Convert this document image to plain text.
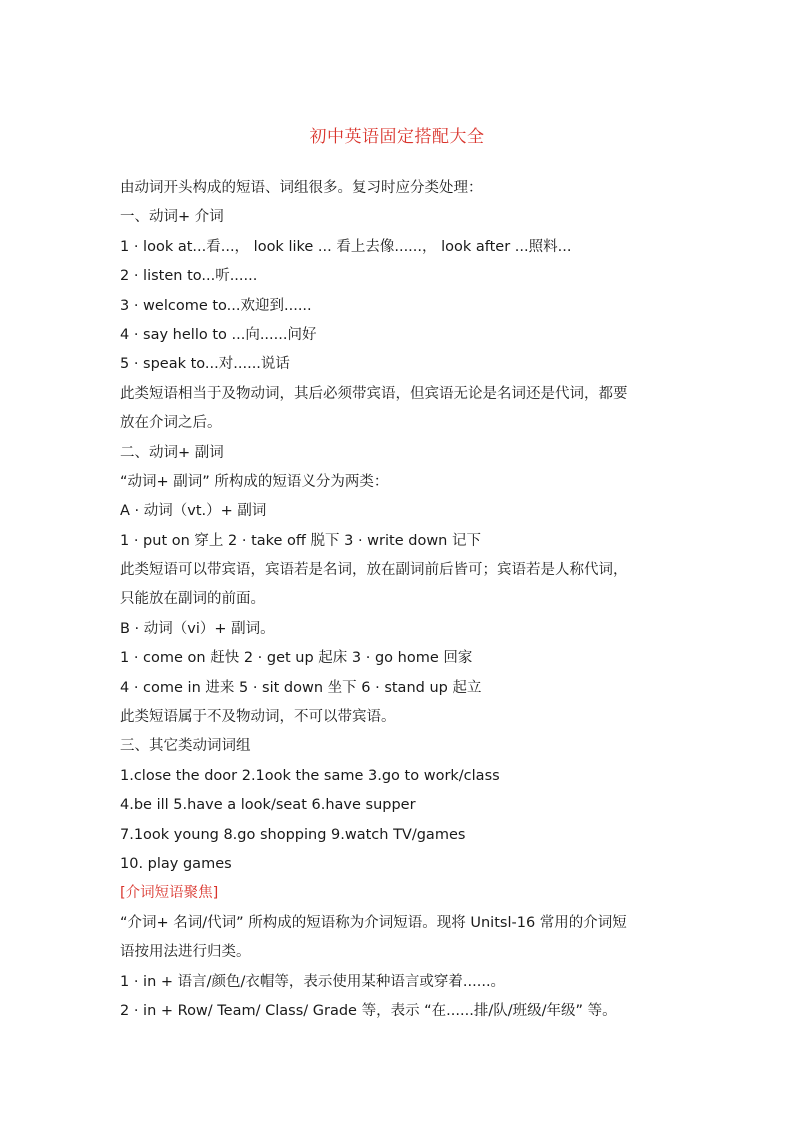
初中英语固定搭配大全
由动词开头构成的短语、词组很多。复习时应分类处理：
一、动词+ 介词
1 · look at...看...， look like ... 看上去像......， look after ...照料...
2 · listen to...听......
3 · welcome to...欢迎到......
4 · say hello to ...向......问好
5 · speak to...对......说话
此类短语相当于及物动词，其后必须带宾语，但宾语无论是名词还是代词，都要
放在介词之后。
二、动词+ 副词
“动词+ 副词” 所构成的短语义分为两类：
A · 动词（vt.）+ 副词
1 · put on 穿上 2 · take off 脱下 3 · write down 记下
此类短语可以带宾语，宾语若是名词，放在副词前后皆可；宾语若是人称代词，
只能放在副词的前面。
B · 动词（vi）+ 副词。
1 · come on 赶快 2 · get up 起床 3 · go home 回家
4 · come in 进来 5 · sit down 坐下 6 · stand up 起立
此类短语属于不及物动词，不可以带宾语。
三、其它类动词词组
1.close the door 2.1ook the same 3.go to work/class
4.be ill 5.have a look/seat 6.have supper
7.1ook young 8.go shopping 9.watch TV/games
10. play games
[介词短语聚焦]
“介词+ 名词/代词” 所构成的短语称为介词短语。现将 Unitsl-16 常用的介词短
语按用法进行归类。
1 · in + 语言/颜色/衣帽等，表示使用某种语言或穿着......。
2 · in + Row/ Team/ Class/ Grade 等，表示 “在......排/队/班级/年级” 等。
